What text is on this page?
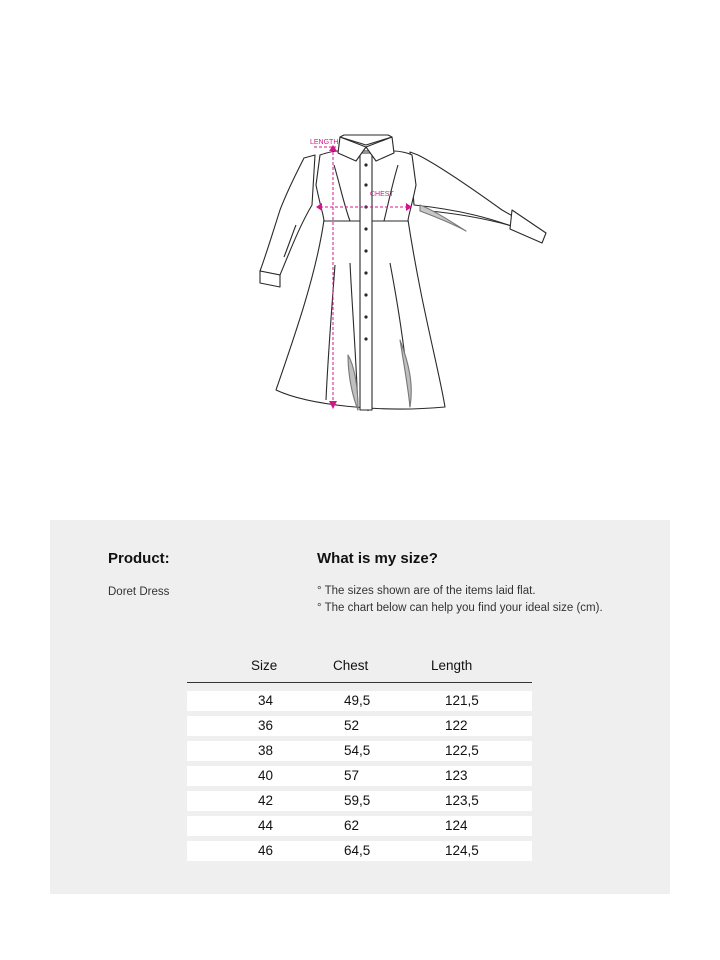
LENGTH
CHEST
Product:
Doret Dress
What is my size?
° The sizes shown are of the items laid flat.
° The chart below can help you find your ideal size (cm).
Size	Chest	Length
34	49,5	121,5
36	52	122
38	54,5	122,5
40	57	123
42	59,5	123,5
44	62	124
46	64,5	124,5
